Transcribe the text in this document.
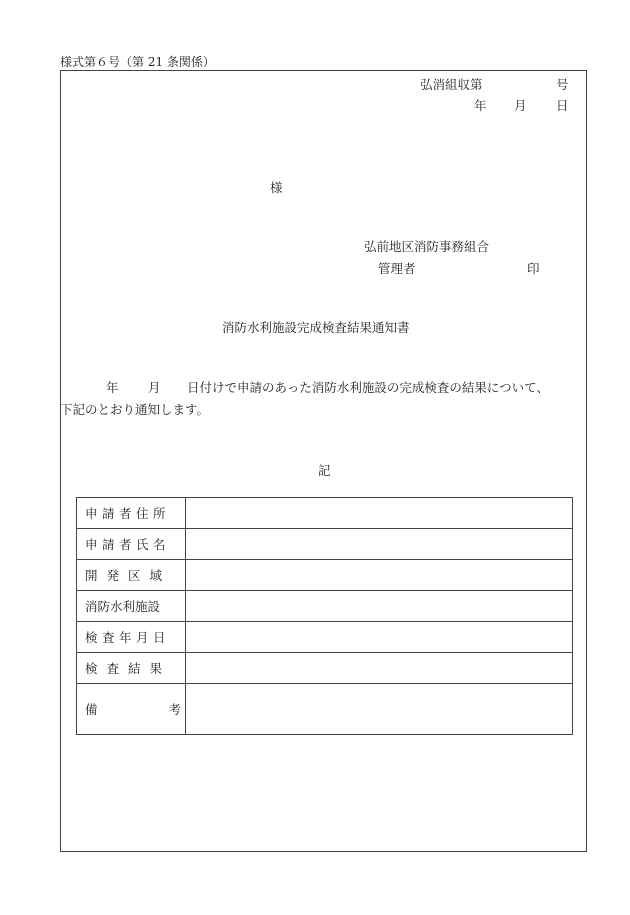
様式第６号（第 21 条関係）
弘消組収第	号
年 月 日
様
弘前地区消防事務組合
管理者	印
消防水利施設完成検査結果通知書
年 月 日付けで申請のあった消防水利施設の完成検査の結果について、
下記のとおり通知します。
記
申請者住所	
申請者氏名	
開発区域	
消防水利施設	
検査年月日	
検査結果	

備 考	
